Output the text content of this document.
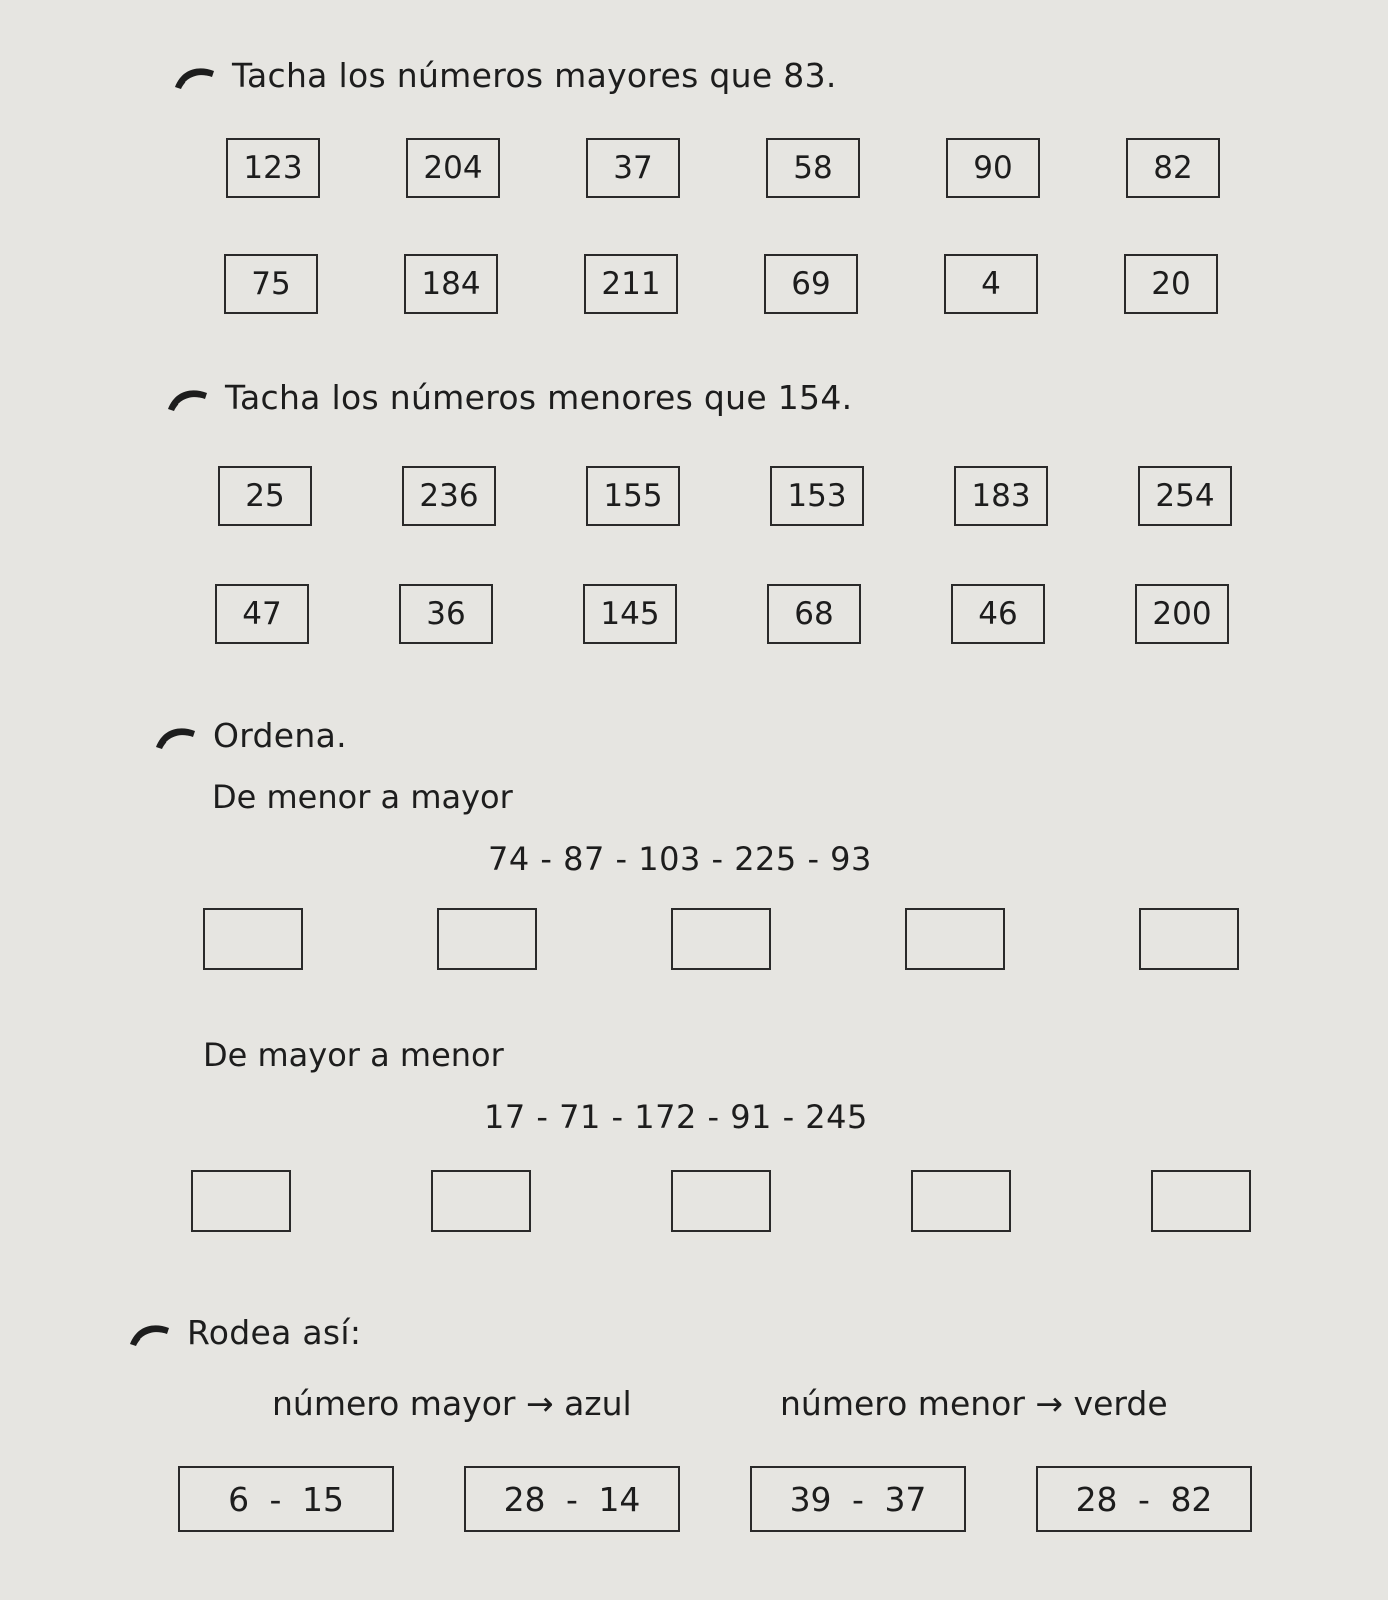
Tacha los números mayores que 83.
123	204	37	58	90	82
75	184	211	69	4	20
Tacha los números menores que 154.
25	236	155	153	183	254
47	36	145	68	46	200
Ordena.
De menor a mayor
74 - 87 - 103 - 225 - 93
De mayor a menor
17 - 71 - 172 - 91 - 245
Rodea así:
número mayor → azul	número menor → verde
6 - 15	28 - 14	39 - 37	28 - 82
